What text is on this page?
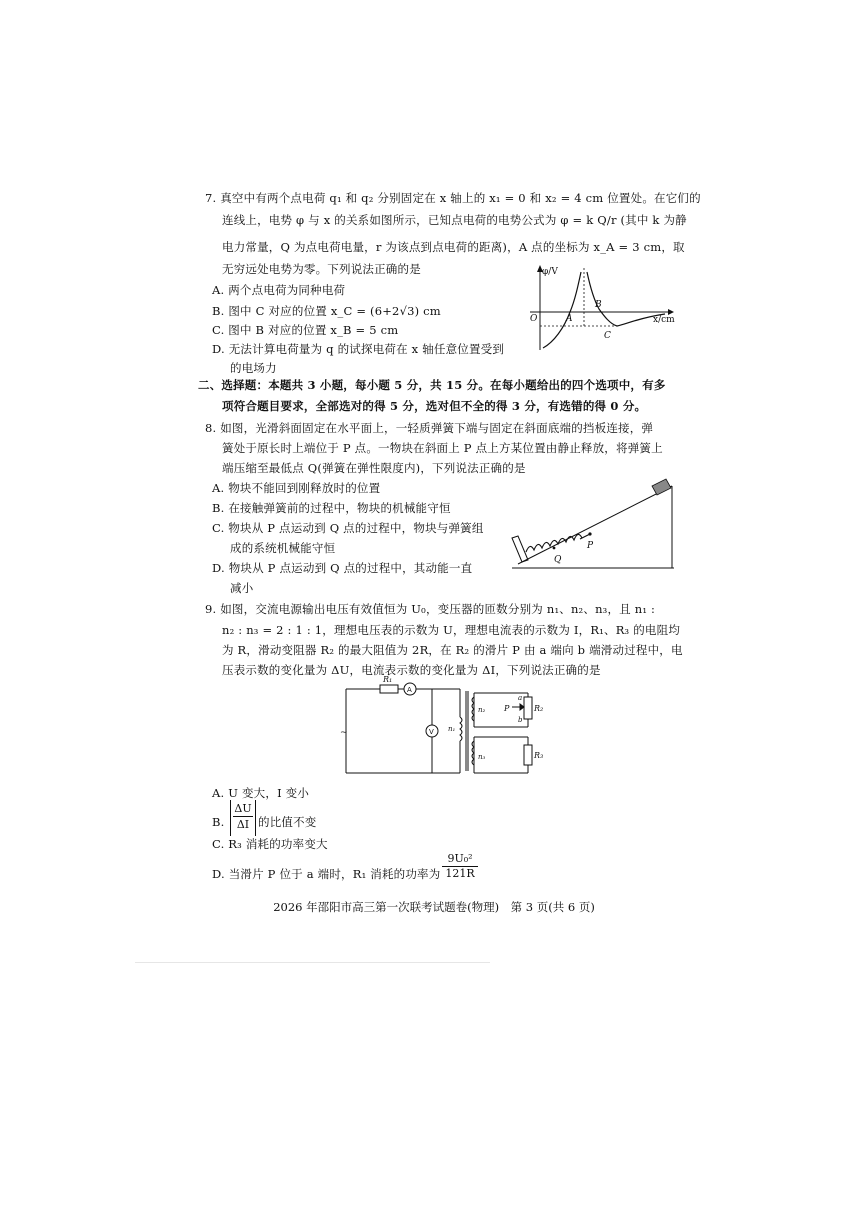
7. 真空中有两个点电荷 q₁ 和 q₂ 分别固定在 x 轴上的 x₁ = 0 和 x₂ = 4 cm 位置处。在它们的
连线上，电势 φ 与 x 的关系如图所示，已知点电荷的电势公式为 φ = k Q/r (其中 k 为静
电力常量，Q 为点电荷电量，r 为该点到点电荷的距离)，A 点的坐标为 x_A = 3 cm，取
无穷远处电势为零。下列说法正确的是
A. 两个点电荷为同种电荷
B. 图中 C 对应的位置 x_C = (6+2√3) cm
C. 图中 B 对应的位置 x_B = 5 cm
D. 无法计算电荷量为 q 的试探电荷在 x 轴任意位置受到
的电场力
φ/V
x/cm
O	A
B
C
二、选择题：本题共 3 小题，每小题 5 分，共 15 分。在每小题给出的四个选项中，有多
项符合题目要求，全部选对的得 5 分，选对但不全的得 3 分，有选错的得 0 分。
8. 如图，光滑斜面固定在水平面上，一轻质弹簧下端与固定在斜面底端的挡板连接，弹
簧处于原长时上端位于 P 点。一物块在斜面上 P 点上方某位置由静止释放，将弹簧上
端压缩至最低点 Q(弹簧在弹性限度内)，下列说法正确的是
A. 物块不能回到刚释放时的位置
B. 在接触弹簧前的过程中，物块的机械能守恒
C. 物块从 P 点运动到 Q 点的过程中，物块与弹簧组
成的系统机械能守恒
D. 物块从 P 点运动到 Q 点的过程中，其动能一直
减小
P
Q
9. 如图，交流电源输出电压有效值恒为 U₀，变压器的匝数分别为 n₁、n₂、n₃，且 n₁ :
n₂ : n₃ = 2 : 1 : 1，理想电压表的示数为 U，理想电流表的示数为 I，R₁、R₃ 的电阻均
为 R，滑动变阻器 R₂ 的最大阻值为 2R，在 R₂ 的滑片 P 由 a 端向 b 端滑动过程中，电
压表示数的变化量为 ΔU，电流表示数的变化量为 ΔI，下列说法正确的是
R₁
A
V
~	n₁
n₂
n₃
P
a
b
R₂
R₃
A. U 变大，I 变小
B. $\frac{\Delta U}{\Delta I}$ 的比值不变
C. R₃ 消耗的功率变大
D. 当滑片 P 位于 a 端时，R₁ 消耗的功率为 $\frac{\text{9U₀²}}{121R}$
2026 年邵阳市高三第一次联考试题卷(物理)　第 3 页(共 6 页)
